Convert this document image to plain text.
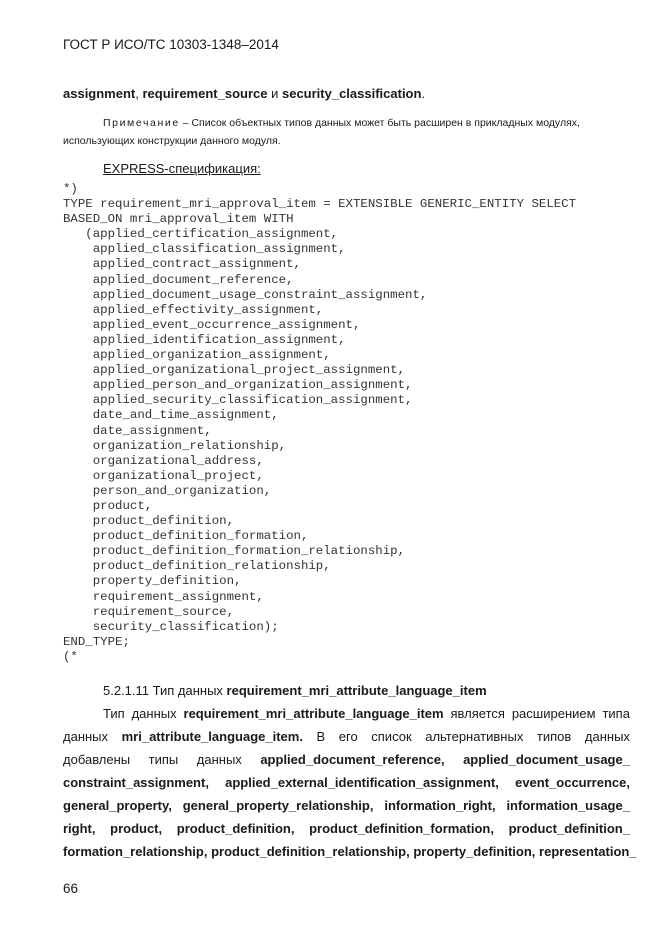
ГОСТ Р ИСО/ТС 10303-1348–2014
assignment, requirement_source и security_classification.
Примечание – Список объектных типов данных может быть расширен в прикладных модулях,
использующих конструкции данного модуля.
EXPRESS-спецификация:
*)
TYPE requirement_mri_approval_item = EXTENSIBLE GENERIC_ENTITY SELECT
BASED_ON mri_approval_item WITH
(applied_certification_assignment,
applied_classification_assignment,
applied_contract_assignment,
applied_document_reference,
applied_document_usage_constraint_assignment,
applied_effectivity_assignment,
applied_event_occurrence_assignment,
applied_identification_assignment,
applied_organization_assignment,
applied_organizational_project_assignment,
applied_person_and_organization_assignment,
applied_security_classification_assignment,
date_and_time_assignment,
date_assignment,
organization_relationship,
organizational_address,
organizational_project,
person_and_organization,
product,
product_definition,
product_definition_formation,
product_definition_formation_relationship,
product_definition_relationship,
property_definition,
requirement_assignment,
requirement_source,
security_classification);
END_TYPE;
(*
5.2.1.11 Тип данных requirement_mri_attribute_language_item
Тип данных requirement_mri_attribute_language_item является расширением типа
данных mri_attribute_language_item. В его список альтернативных типов данных
добавлены типы данных applied_document_reference, applied_document_usage_
constraint_assignment, applied_external_identification_assignment, event_occurrence,
general_property, general_property_relationship, information_right, information_usage_
right, product, product_definition, product_definition_formation, product_definition_
formation_relationship, product_definition_relationship, property_definition, representation_
66
